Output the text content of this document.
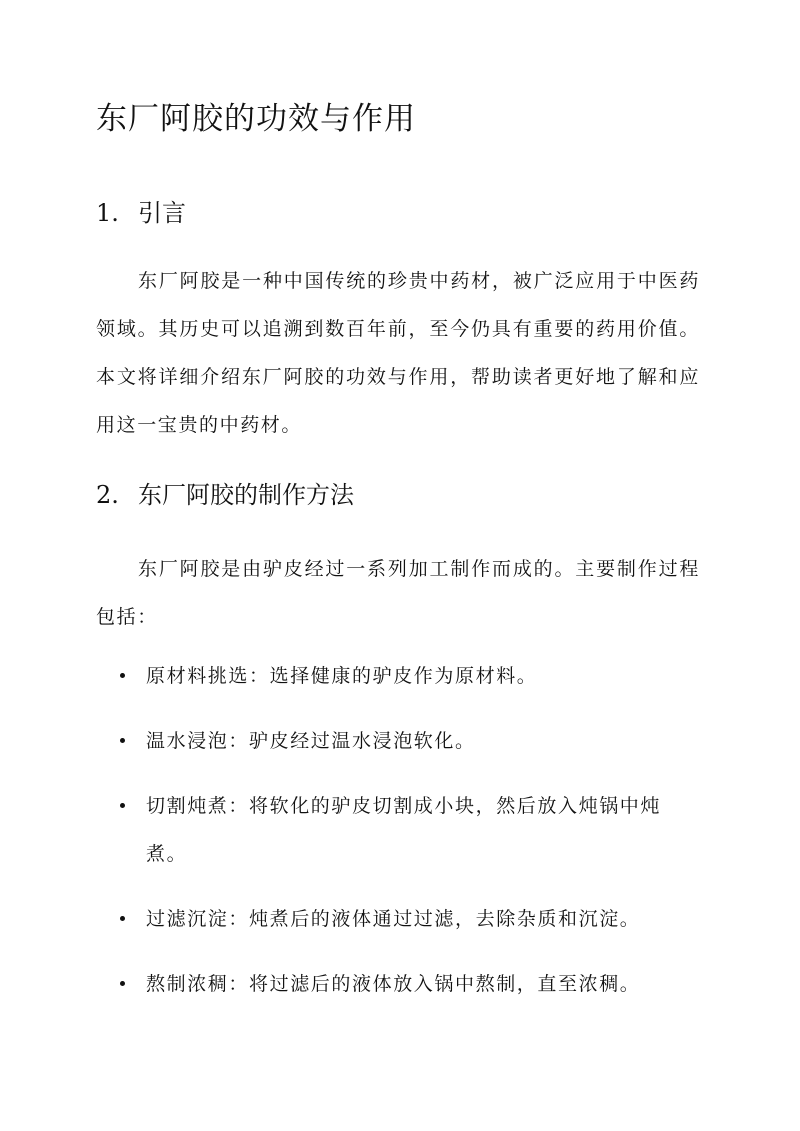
东厂阿胶的功效与作用
1. 引言

东厂阿胶是一种中国传统的珍贵中药材，被广泛应用于中医药领域。其历史可以追溯到数百年前，至今仍具有重要的药用价值。本文将详细介绍东厂阿胶的功效与作用，帮助读者更好地了解和应用这一宝贵的中药材。

2. 东厂阿胶的制作方法

东厂阿胶是由驴皮经过一系列加工制作而成的。主要制作过程包括：

原材料挑选：选择健康的驴皮作为原材料。
温水浸泡：驴皮经过温水浸泡软化。
切割炖煮：将软化的驴皮切割成小块，然后放入炖锅中炖煮。
过滤沉淀：炖煮后的液体通过过滤，去除杂质和沉淀。
熬制浓稠：将过滤后的液体放入锅中熬制，直至浓稠。
